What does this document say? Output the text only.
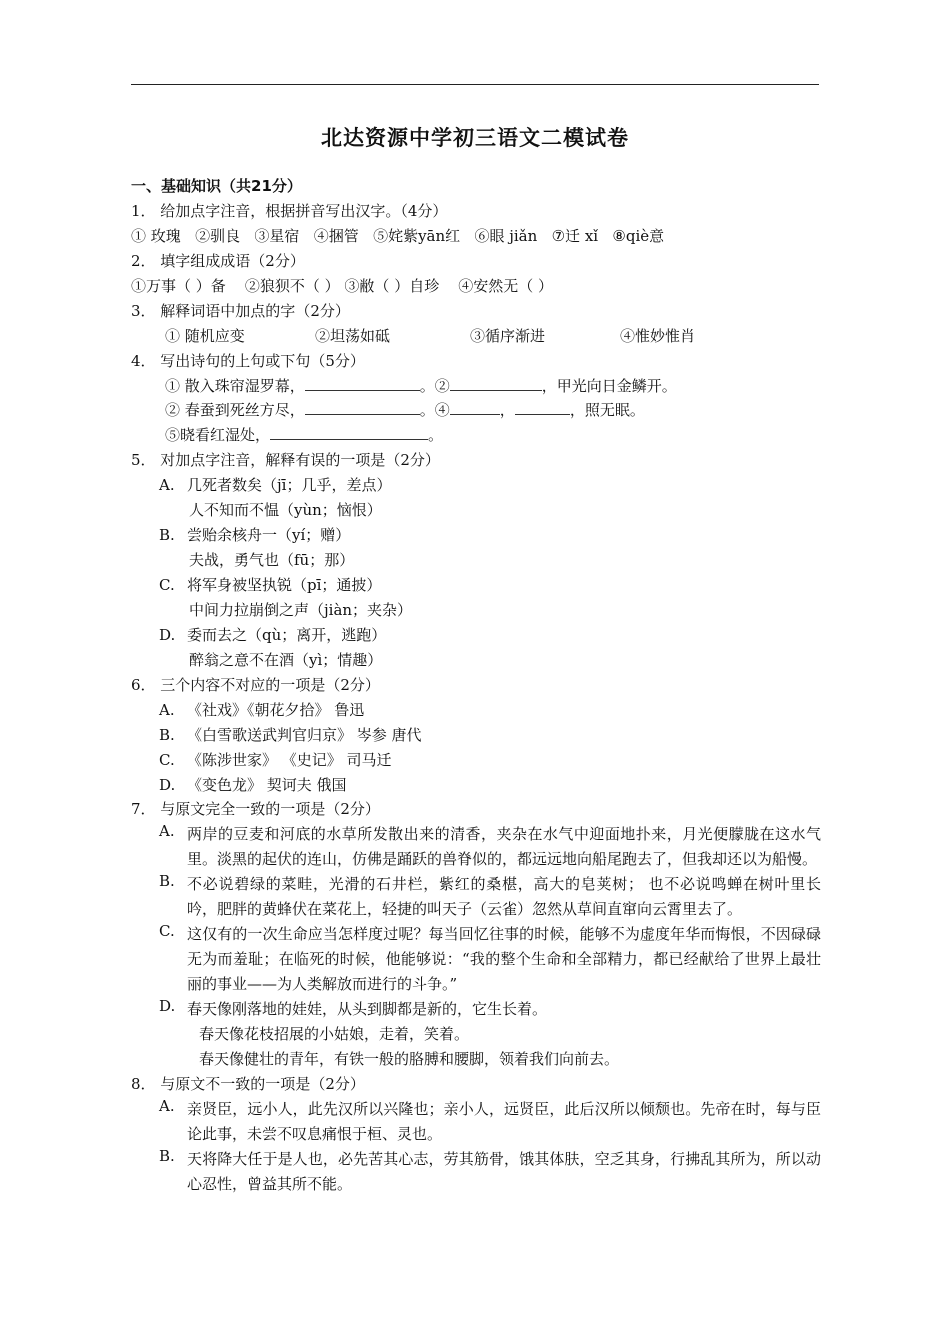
北达资源中学初三语文二模试卷
一、基础知识（共21分）
1． 给加点字注音，根据拼音写出汉字。（4分）
① 玫瑰 ②驯良 ③星宿 ④捆管 ⑤姹紫yān红 ⑥眼 jiǎn ⑦迁 xǐ ⑧qiè意
2． 填字组成成语（2分）
①万事（ ）备 ②狼狈不（ ） ③敝（ ）自珍 ④安然无（ ）
3． 解释词语中加点的字（2分）
① 随机应变	②坦荡如砥	③循序渐进	④惟妙惟肖
4． 写出诗句的上句或下句（5分）
① 散入珠帘湿罗幕，	。②	，甲光向日金鳞开。
② 春蚕到死丝方尽，	。④	，	，照无眠。
⑤晓看红湿处，	。
5． 对加点字注音，解释有误的一项是（2分）
A. 几死者数矣（jī；几乎，差点）
人不知而不愠（yùn；恼恨）
B. 尝贻余核舟一（yí；赠）
夫战，勇气也（fū；那）
C. 将军身被坚执锐（pī；通披）
中间力拉崩倒之声（jiàn；夹杂）
D. 委而去之（qù；离开，逃跑）
醉翁之意不在酒（yì；情趣）
6． 三个内容不对应的一项是（2分）
A. 《社戏》《朝花夕拾》 鲁迅
B. 《白雪歌送武判官归京》 岑参 唐代
C. 《陈涉世家》 《史记》 司马迁
D. 《变色龙》 契诃夫 俄国
7． 与原文完全一致的一项是（2分）
A. 两岸的豆麦和河底的水草所发散出来的清香，夹杂在水气中迎面地扑来，月光便朦胧在这水气里。淡黑的起伏的连山，仿佛是踊跃的兽脊似的，都远远地向船尾跑去了，但我却还以为船慢。
B. 不必说碧绿的菜畦，光滑的石井栏，紫红的桑椹，高大的皂荚树； 也不必说鸣蝉在树叶里长吟，肥胖的黄蜂伏在菜花上，轻捷的叫天子（云雀）忽然从草间直窜向云霄里去了。
C. 这仅有的一次生命应当怎样度过呢？每当回忆往事的时候，能够不为虚度年华而悔恨，不因碌碌无为而羞耻；在临死的时候，他能够说：“我的整个生命和全部精力，都已经献给了世界上最壮丽的事业——为人类解放而进行的斗争。”
D. 春天像刚落地的娃娃，从头到脚都是新的，它生长着。
春天像花枝招展的小姑娘，走着，笑着。
春天像健壮的青年，有铁一般的胳膊和腰脚，领着我们向前去。
8． 与原文不一致的一项是（2分）
A. 亲贤臣，远小人，此先汉所以兴隆也；亲小人，远贤臣，此后汉所以倾颓也。先帝在时，每与臣论此事，未尝不叹息痛恨于桓、灵也。
B. 天将降大任于是人也，必先苦其心志，劳其筋骨，饿其体肤，空乏其身，行拂乱其所为，所以动心忍性，曾益其所不能。
